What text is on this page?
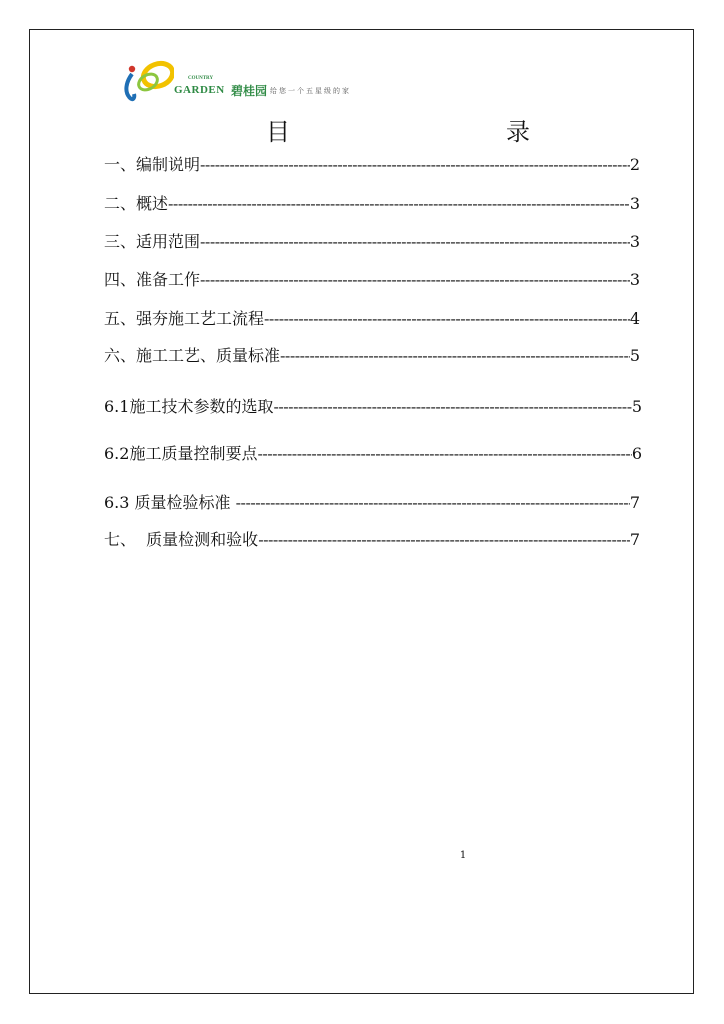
COUNTRY
GARDEN 碧桂园 给您一个五星级的家
目	录
一、编制说明 -----	2
二、概述 -----	3
三、适用范围 -----	3
四、准备工作 -----	3
五、强夯施工艺工流程 -----	4
六、施工工艺、质量标准 -----	5
6.1施工技术参数的选取 -----	5
6.2施工质量控制要点 -----	6
6.3 质量检验标准 -----	7
七、  质量检测和验收 -----	7
1
